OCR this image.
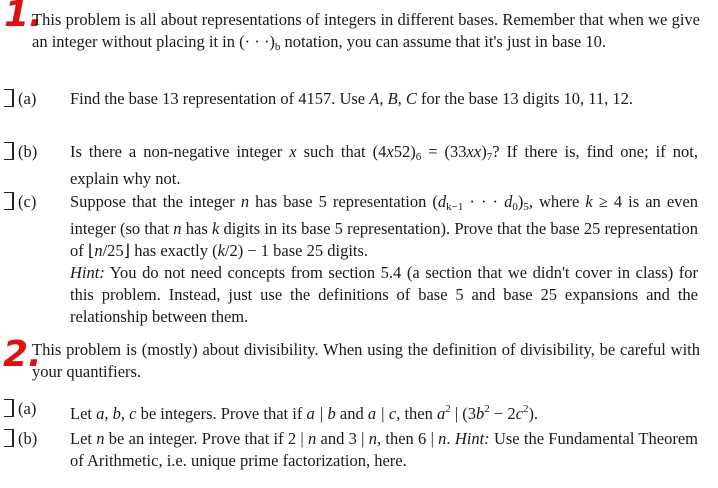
1.
This problem is all about representations of integers in different bases. Remember that when we give an integer without placing it in (· · $\cdot)_b$ notation, you can assume that it's just in base 10.
(a) Find the base 13 representation of 4157. Use A, B, C for the base 13 digits 10, 11, 12.
(b) Is there a non-negative integer x such that $(4x52)_6 = (33xx)_7$? If there is, find one; if not, explain why not.
(c) Suppose that the integer n has base 5 representation ($d_{k-1}$ · · · $d_0)_5$, where k ≥ 4 is an even integer (so that n has k digits in its base 5 representation). Prove that the base 25 representation of ⌊n/25⌋ has exactly (k/2) − 1 base 25 digits.
Hint: You do not need concepts from section 5.4 (a section that we didn't cover in class) for this problem. Instead, just use the definitions of base 5 and base 25 expansions and the relationship between them.
2.
This problem is (mostly) about divisibility. When using the definition of divisibility, be careful with your quantifiers.
(a) Let a, b, c be integers. Prove that if a | b and a | c, then $a^2$ | $(3b^2 - 2c^2)$.
(b) Let n be an integer. Prove that if 2 | n and 3 | n, then 6 | n. Hint: Use the Fundamental Theorem of Arithmetic, i.e. unique prime factorization, here.
